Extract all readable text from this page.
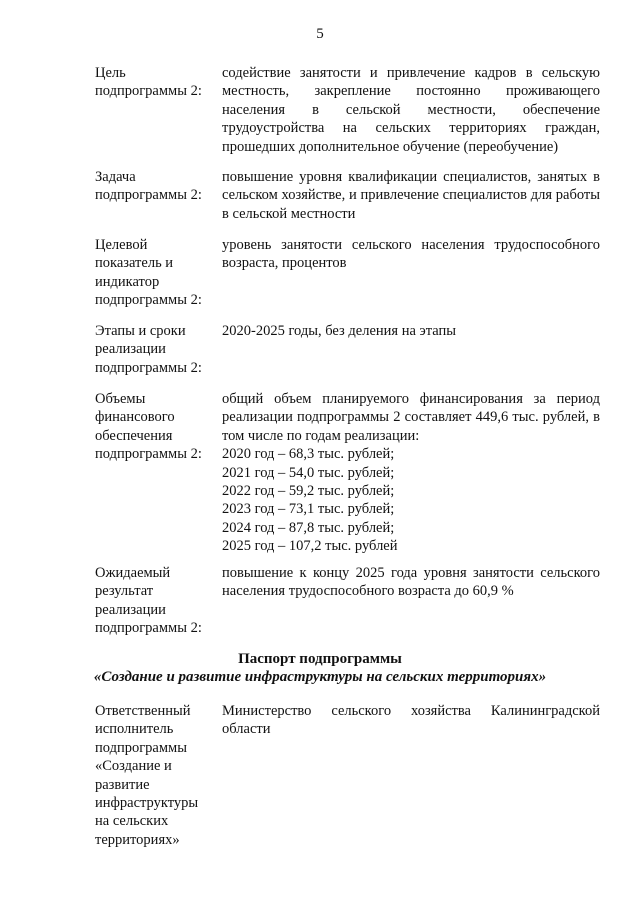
5
Цель подпрограммы 2:
содействие занятости и привлечение кадров в сельскую местность, закрепление постоянно проживающего населения в сельской местности, обеспечение трудоустройства на сельских территориях граждан, прошедших дополнительное обучение (переобучение)
Задача подпрограммы 2:
повышение уровня квалификации специалистов, занятых в сельском хозяйстве, и привлечение специалистов для работы в сельской местности
Целевой показатель и индикатор подпрограммы 2:
уровень занятости сельского населения трудоспособного возраста, процентов
Этапы и сроки реализации подпрограммы 2:
2020-2025 годы, без деления на этапы
Объемы финансового обеспечения подпрограммы 2:
общий объем планируемого финансирования за период реализации подпрограммы 2 составляет 449,6 тыс. рублей, в том числе по годам реализации:
2020 год – 68,3 тыс. рублей;
2021 год – 54,0 тыс. рублей;
2022 год – 59,2 тыс. рублей;
2023 год – 73,1 тыс. рублей;
2024 год – 87,8 тыс. рублей;
2025 год – 107,2 тыс. рублей
Ожидаемый результат реализации подпрограммы 2:
повышение к концу 2025 года уровня занятости сельского населения трудоспособного возраста до 60,9 %
Паспорт подпрограммы
«Создание и развитие инфраструктуры на сельских территориях»
Ответственный исполнитель подпрограммы «Создание и развитие инфраструктуры на сельских территориях»
Министерство сельского хозяйства Калининградской области
